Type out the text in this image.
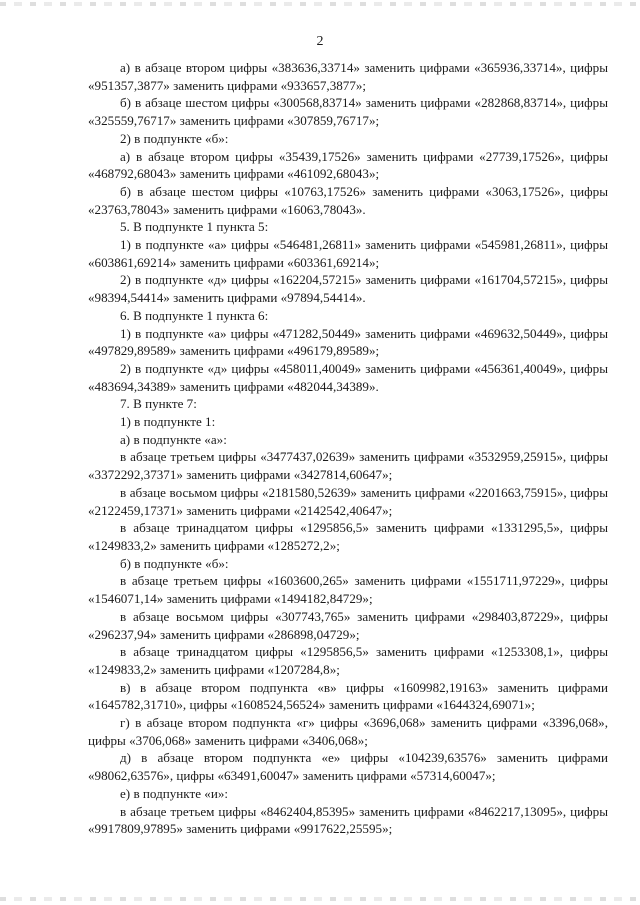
2

а) в абзаце втором цифры «383636,33714» заменить цифрами «365936,33714», цифры «951357,3877» заменить цифрами «933657,3877»;

б) в абзаце шестом цифры «300568,83714» заменить цифрами «282868,83714», цифры «325559,76717» заменить цифрами «307859,76717»;

2) в подпункте «б»:

а) в абзаце втором цифры «35439,17526» заменить цифрами «27739,17526», цифры «468792,68043» заменить цифрами «461092,68043»;

б) в абзаце шестом цифры «10763,17526» заменить цифрами «3063,17526», цифры «23763,78043» заменить цифрами «16063,78043».

5. В подпункте 1 пункта 5:

1) в подпункте «а» цифры «546481,26811» заменить цифрами «545981,26811», цифры «603861,69214» заменить цифрами «603361,69214»;

2) в подпункте «д» цифры «162204,57215» заменить цифрами «161704,57215», цифры «98394,54414» заменить цифрами «97894,54414».

6. В подпункте 1 пункта 6:

1) в подпункте «а» цифры «471282,50449» заменить цифрами «469632,50449», цифры «497829,89589» заменить цифрами «496179,89589»;

2) в подпункте «д» цифры «458011,40049» заменить цифрами «456361,40049», цифры «483694,34389» заменить цифрами «482044,34389».

7. В пункте 7:

1) в подпункте 1:

а) в подпункте «а»:

в абзаце третьем цифры «3477437,02639» заменить цифрами «3532959,25915», цифры «3372292,37371» заменить цифрами «3427814,60647»;

в абзаце восьмом цифры «2181580,52639» заменить цифрами «2201663,75915», цифры «2122459,17371» заменить цифрами «2142542,40647»;

в абзаце тринадцатом цифры «1295856,5» заменить цифрами «1331295,5», цифры «1249833,2» заменить цифрами «1285272,2»;

б) в подпункте «б»:

в абзаце третьем цифры «1603600,265» заменить цифрами «1551711,97229», цифры «1546071,14» заменить цифрами «1494182,84729»;

в абзаце восьмом цифры «307743,765» заменить цифрами «298403,87229», цифры «296237,94» заменить цифрами «286898,04729»;

в абзаце тринадцатом цифры «1295856,5» заменить цифрами «1253308,1», цифры «1249833,2» заменить цифрами «1207284,8»;

в) в абзаце втором подпункта «в» цифры «1609982,19163» заменить цифрами «1645782,31710», цифры «1608524,56524» заменить цифрами «1644324,69071»;

г) в абзаце втором подпункта «г» цифры «3696,068» заменить цифрами «3396,068», цифры «3706,068» заменить цифрами «3406,068»;

д) в абзаце втором подпункта «е» цифры «104239,63576» заменить цифрами «98062,63576», цифры «63491,60047» заменить цифрами «57314,60047»;

е) в подпункте «и»:

в абзаце третьем цифры «8462404,85395» заменить цифрами «8462217,13095», цифры «9917809,97895» заменить цифрами «9917622,25595»;
